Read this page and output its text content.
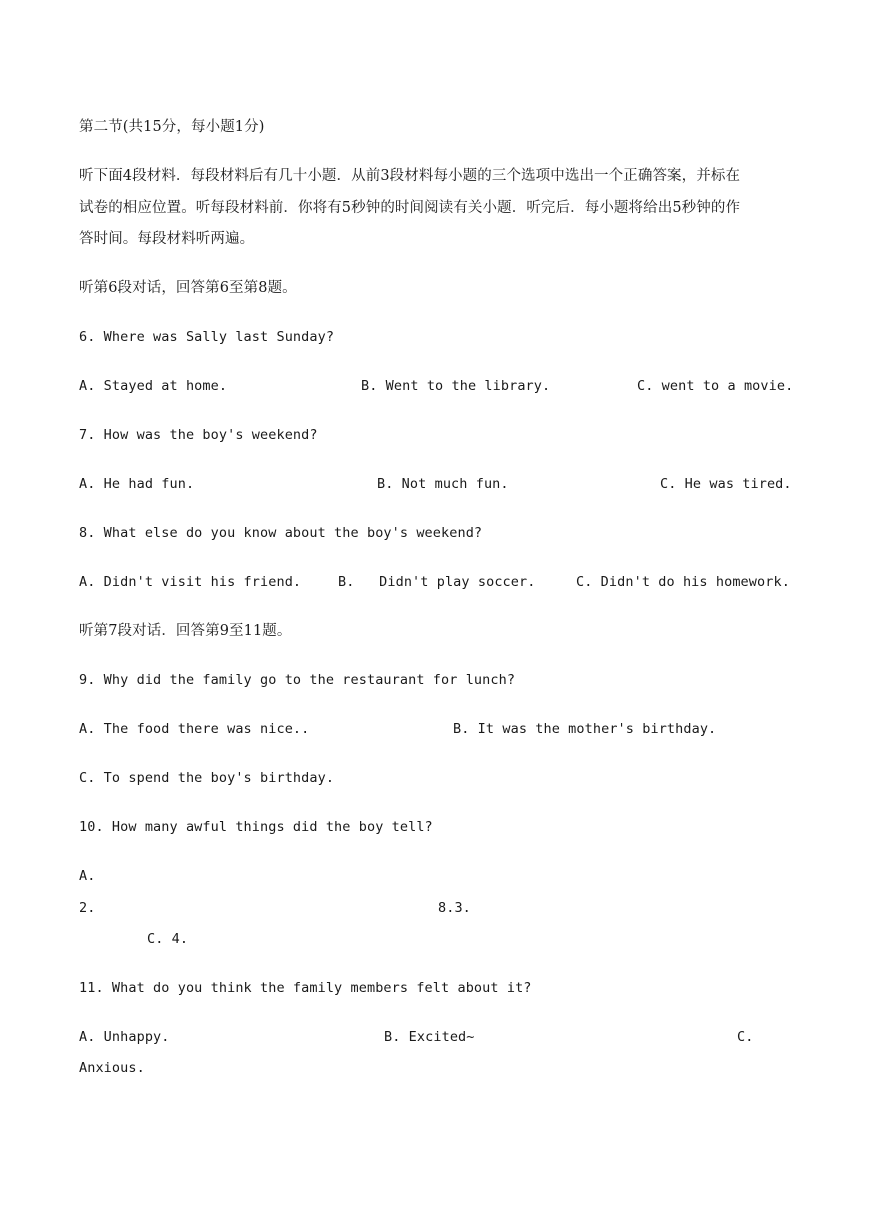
第二节(共15分，每小题1分)
听下面4段材料．每段材料后有几十小题．从前3段材料每小题的三个选项中选出一个正确答案，并标在
试卷的相应位置。听每段材料前．你将有5秒钟的时间阅读有关小题．听完后．每小题将给出5秒钟的作
答时间。每段材料听两遍。
听第6段对话，回答第6至第8题。
6. Where was Sally last Sunday?
A. Stayed at home.	B. Went to the library.	C. went to a movie.
7. How was the boy's weekend?
A. He had fun.	B. Not much fun.	C. He was tired.
8. What else do you know about the boy's weekend?
A. Didn't visit his friend.	B.   Didn't play soccer.	C. Didn't do his homework.
听第7段对话．回答第9至11题。
9. Why did the family go to the restaurant for lunch?
A. The food there was nice..	B. It was the mother's birthday.
C. To spend the boy's birthday.
10. How many awful things did the boy tell?
A.
2.	8.3.
C. 4.
11. What do you think the family members felt about it?
A. Unhappy.	B. Excited~	C.
Anxious.
